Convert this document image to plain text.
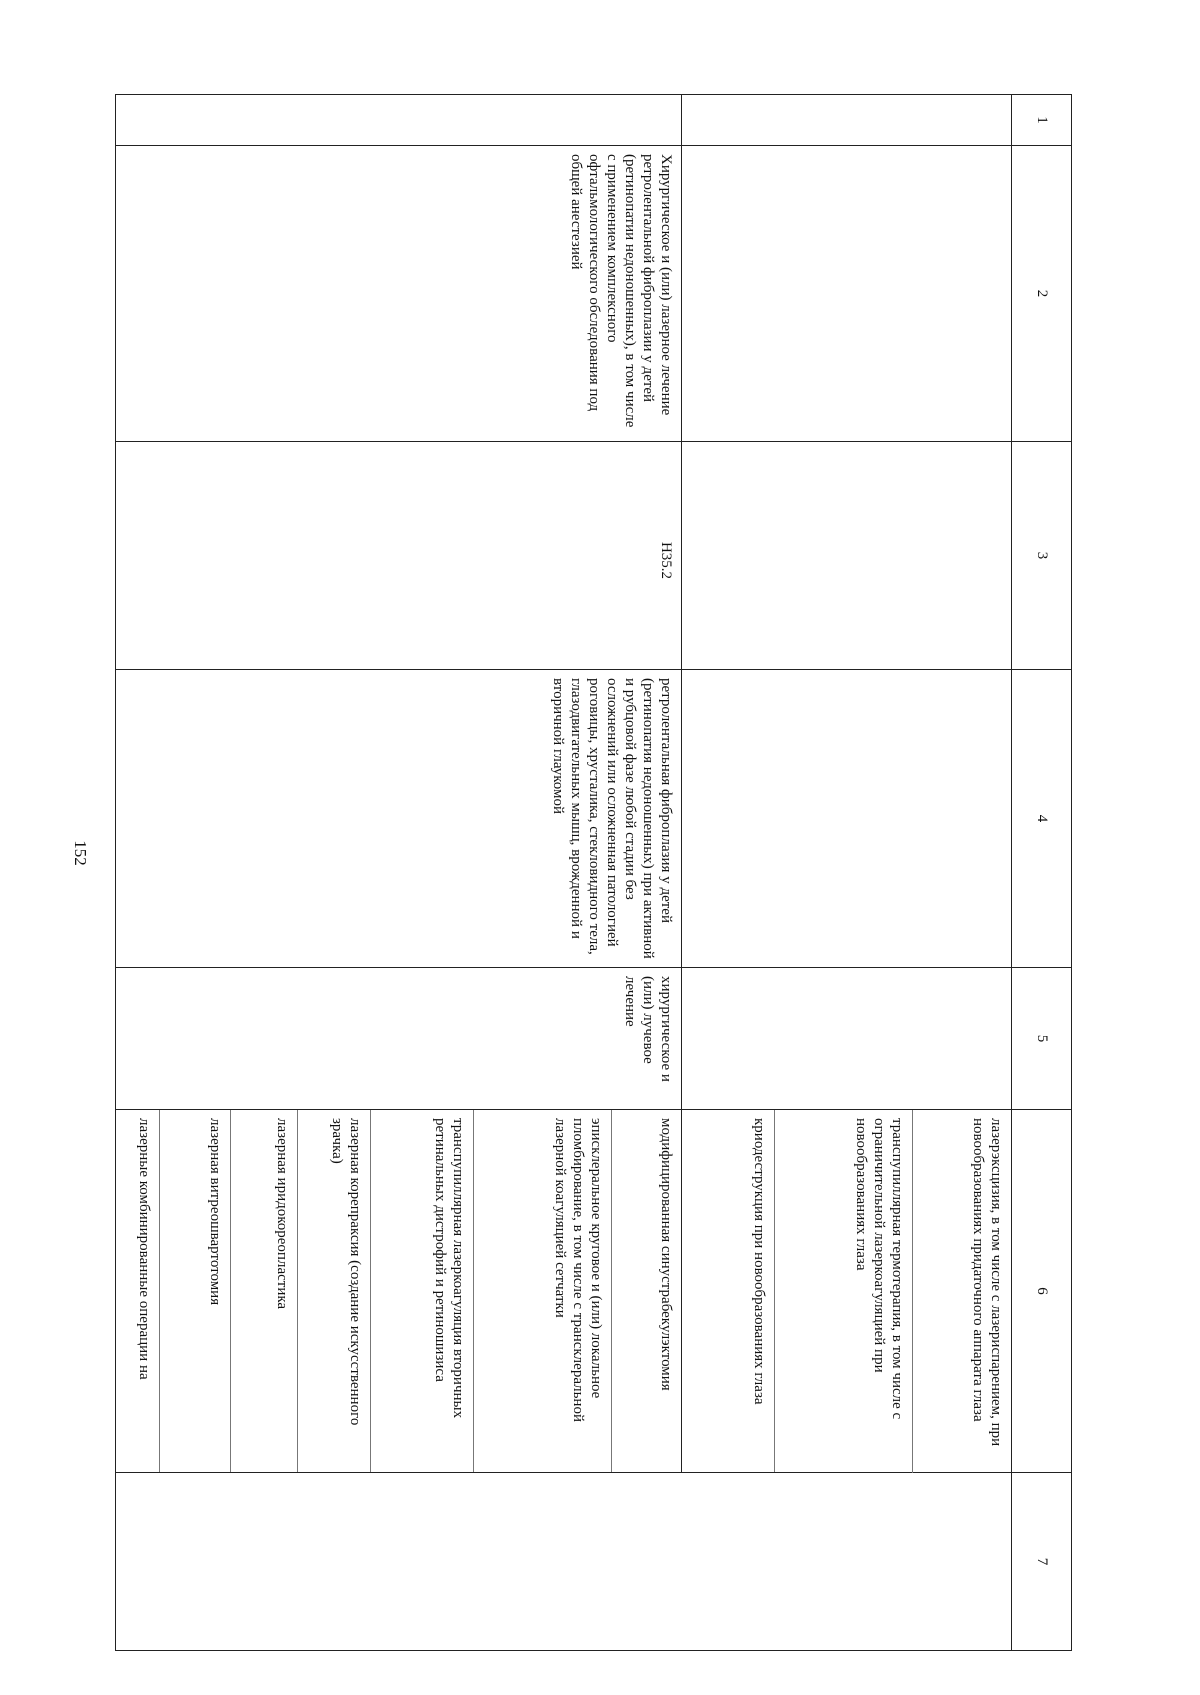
152
1	2	3	4	5	6	7
					лазерэксцизия, в том числе с лазериспарением, при новообразованиях придаточного аппарата глаза	
					транспупиллярная термотерапия, в том числе с ограничительной лазеркоагуляцией при новообразованиях глаза	
					криодеструкция при новообразованиях глаза	
	Хирургическое и (или) лазерное лечение ретролентальной фиброплазии у детей (ретинопатии недоношенных), в том числе с применением комплексного офтальмологического обследования под общей анестезией	H35.2	ретролентальная фиброплазия у детей (ретинопатия недоношенных) при активной и рубцовой фазе любой стадии без осложнений или осложненная патологией роговицы, хрусталика, стекловидного тела, глазодвигательных мышц, врожденной и вторичной глаукомой	хирургическое и (или) лучевое лечение	модифицированная синустрабекулэктомия	
					эписклеральное круговое и (или) локальное пломбирование, в том числе с трансклеральной лазерной коагуляцией сетчатки	
					транспупиллярная лазеркоагуляция вторичных ретинальных дистрофий и ретиношизиса	
					лазерная корепраксия (создание искусственного зрачка)	
					лазерная иридокореопластика	
					лазерная витреошвартотомия	
					лазерные комбинированные операции на	
